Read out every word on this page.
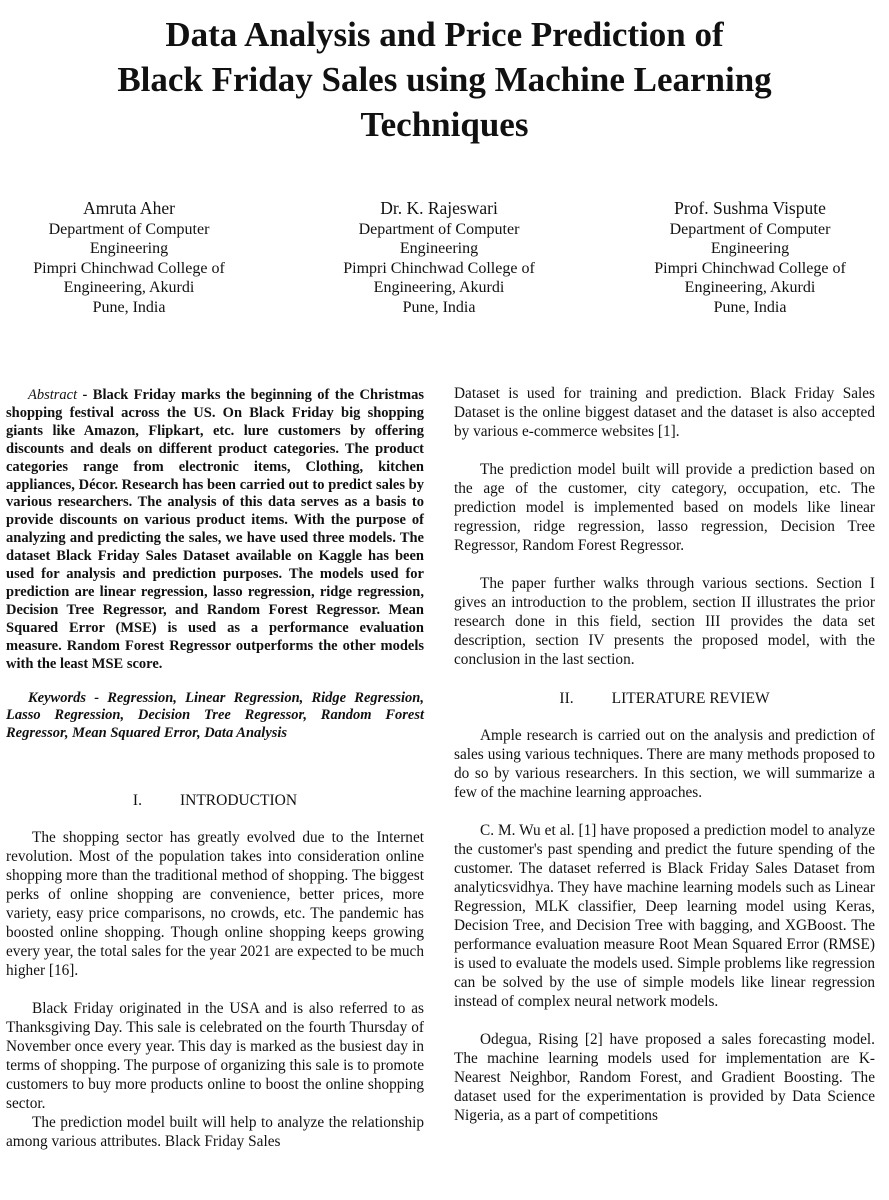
Data Analysis and Price Prediction of
Black Friday Sales using Machine Learning
Techniques
Amruta Aher
Department of Computer
Engineering
Pimpri Chinchwad College of
Engineering, Akurdi
Pune, India
Dr. K. Rajeswari
Department of Computer
Engineering
Pimpri Chinchwad College of
Engineering, Akurdi
Pune, India
Prof. Sushma Vispute
Department of Computer
Engineering
Pimpri Chinchwad College of
Engineering, Akurdi
Pune, India

Abstract - Black Friday marks the beginning of the Christmas shopping festival across the US. On Black Friday big shopping giants like Amazon, Flipkart, etc. lure customers by offering discounts and deals on different product categories. The product categories range from electronic items, Clothing, kitchen appliances, Décor. Research has been carried out to predict sales by various researchers. The analysis of this data serves as a basis to provide discounts on various product items. With the purpose of analyzing and predicting the sales, we have used three models. The dataset Black Friday Sales Dataset available on Kaggle has been used for analysis and prediction purposes. The models used for prediction are linear regression, lasso regression, ridge regression, Decision Tree Regressor, and Random Forest Regressor. Mean Squared Error (MSE) is used as a performance evaluation measure. Random Forest Regressor outperforms the other models with the least MSE score.

Keywords - Regression, Linear Regression, Ridge Regression, Lasso Regression, Decision Tree Regressor, Random Forest Regressor, Mean Squared Error, Data Analysis

I. INTRODUCTION

The shopping sector has greatly evolved due to the Internet revolution. Most of the population takes into consideration online shopping more than the traditional method of shopping. The biggest perks of online shopping are convenience, better prices, more variety, easy price comparisons, no crowds, etc. The pandemic has boosted online shopping. Though online shopping keeps growing every year, the total sales for the year 2021 are expected to be much higher [16].

Black Friday originated in the USA and is also referred to as Thanksgiving Day. This sale is celebrated on the fourth Thursday of November once every year. This day is marked as the busiest day in terms of shopping. The purpose of organizing this sale is to promote customers to buy more products online to boost the online shopping sector.

The prediction model built will help to analyze the relationship among various attributes. Black Friday Sales

Dataset is used for training and prediction. Black Friday Sales Dataset is the online biggest dataset and the dataset is also accepted by various e-commerce websites [1].

The prediction model built will provide a prediction based on the age of the customer, city category, occupation, etc. The prediction model is implemented based on models like linear regression, ridge regression, lasso regression, Decision Tree Regressor, Random Forest Regressor.

The paper further walks through various sections. Section I gives an introduction to the problem, section II illustrates the prior research done in this field, section III provides the data set description, section IV presents the proposed model, with the conclusion in the last section.

II. LITERATURE REVIEW

Ample research is carried out on the analysis and prediction of sales using various techniques. There are many methods proposed to do so by various researchers. In this section, we will summarize a few of the machine learning approaches.

C. M. Wu et al. [1] have proposed a prediction model to analyze the customer's past spending and predict the future spending of the customer. The dataset referred is Black Friday Sales Dataset from analyticsvidhya. They have machine learning models such as Linear Regression, MLK classifier, Deep learning model using Keras, Decision Tree, and Decision Tree with bagging, and XGBoost. The performance evaluation measure Root Mean Squared Error (RMSE) is used to evaluate the models used. Simple problems like regression can be solved by the use of simple models like linear regression instead of complex neural network models.

Odegua, Rising [2] have proposed a sales forecasting model. The machine learning models used for implementation are K-Nearest Neighbor, Random Forest, and Gradient Boosting. The dataset used for the experimentation is provided by Data Science Nigeria, as a part of competitions
